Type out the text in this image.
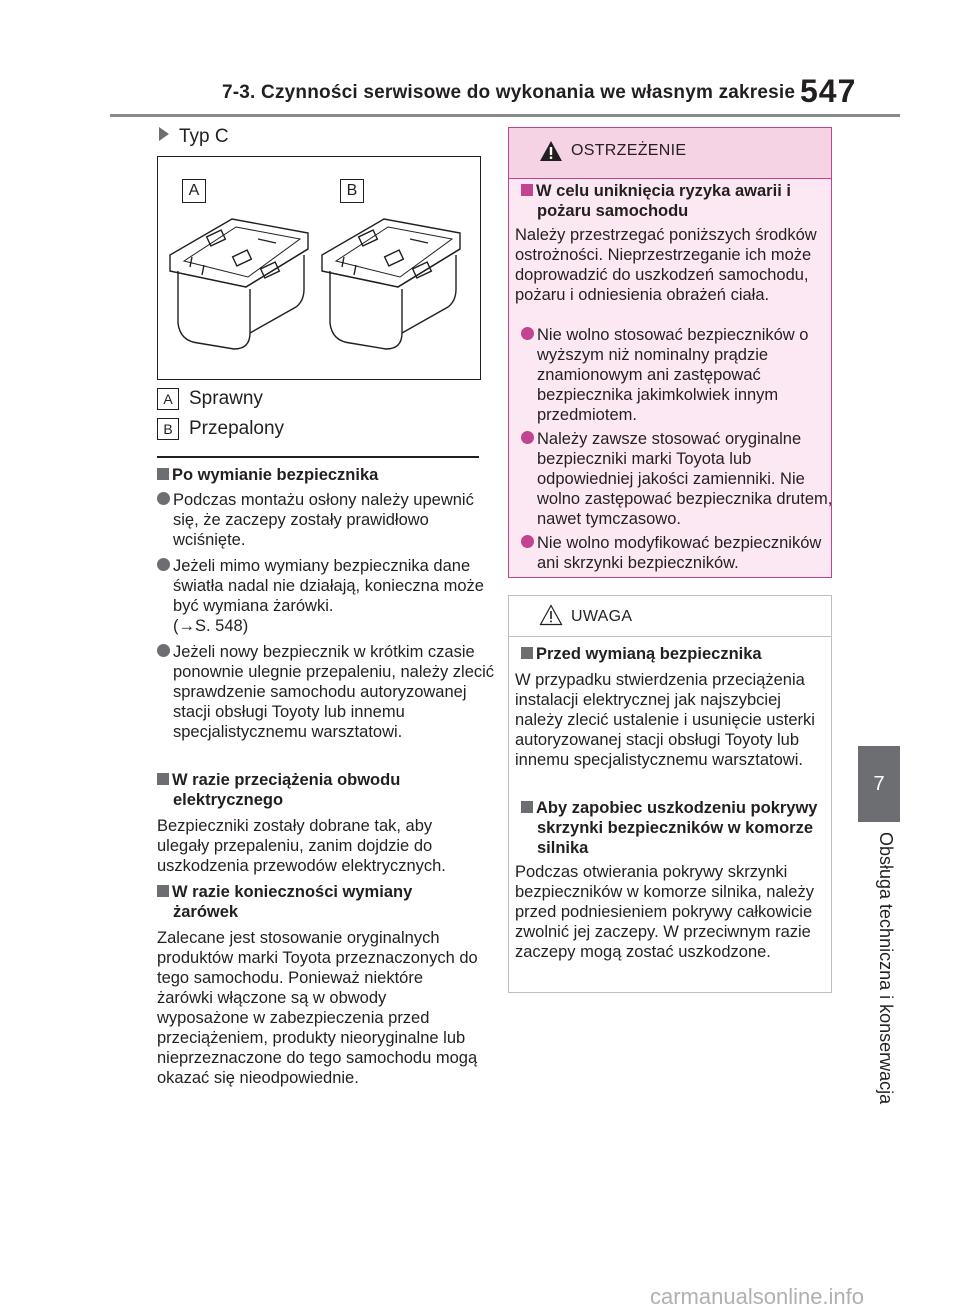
7-3. Czynności serwisowe do wykonania we własnym zakresie 547
7
Obsługa techniczna i konserwacja
Typ C
A	B
A Sprawny
B Przepalony
Po wymianie bezpiecznika
Podczas montażu osłony należy upewnić się, że zaczepy zostały prawidłowo wciśnięte.
Jeżeli mimo wymiany bezpiecznika dane światła nadal nie działają, konieczna może być wymiana żarówki.
(→S. 548)
Jeżeli nowy bezpiecznik w krótkim czasie ponownie ulegnie przepaleniu, należy zlecić sprawdzenie samochodu autoryzowanej stacji obsługi Toyoty lub innemu specjalistycznemu warsztatowi.
W razie przeciążenia obwodu elektrycznego

Bezpieczniki zostały dobrane tak, aby ulegały przepaleniu, zanim dojdzie do uszkodzenia przewodów elektrycznych.

W razie konieczności wymiany żarówek

Zalecane jest stosowanie oryginalnych produktów marki Toyota przeznaczonych do tego samochodu. Ponieważ niektóre żarówki włączone są w obwody wyposażone w zabezpieczenia przed przeciążeniem, produkty nieoryginalne lub nieprzeznaczone do tego samochodu mogą okazać się nieodpowiednie.

OSTRZEŻENIE
W celu uniknięcia ryzyka awarii i pożaru samochodu

Należy przestrzegać poniższych środków ostrożności. Nieprzestrzeganie ich może doprowadzić do uszkodzeń samochodu, pożaru i odniesienia obrażeń ciała.

Nie wolno stosować bezpieczników o wyższym niż nominalny prądzie znamionowym ani zastępować bezpiecznika jakimkolwiek innym przedmiotem.
Należy zawsze stosować oryginalne bezpieczniki marki Toyota lub odpowiedniej jakości zamienniki. Nie wolno zastępować bezpiecznika drutem, nawet tymczasowo.
Nie wolno modyfikować bezpieczników ani skrzynki bezpieczników.
UWAGA
Przed wymianą bezpiecznika

W przypadku stwierdzenia przeciążenia instalacji elektrycznej jak najszybciej należy zlecić ustalenie i usunięcie usterki autoryzowanej stacji obsługi Toyoty lub innemu specjalistycznemu warsztatowi.

Aby zapobiec uszkodzeniu pokrywy skrzynki bezpieczników w komorze silnika

Podczas otwierania pokrywy skrzynki bezpieczników w komorze silnika, należy przed podniesieniem pokrywy całkowicie zwolnić jej zaczepy. W przeciwnym razie zaczepy mogą zostać uszkodzone.

carmanualsonline.info
